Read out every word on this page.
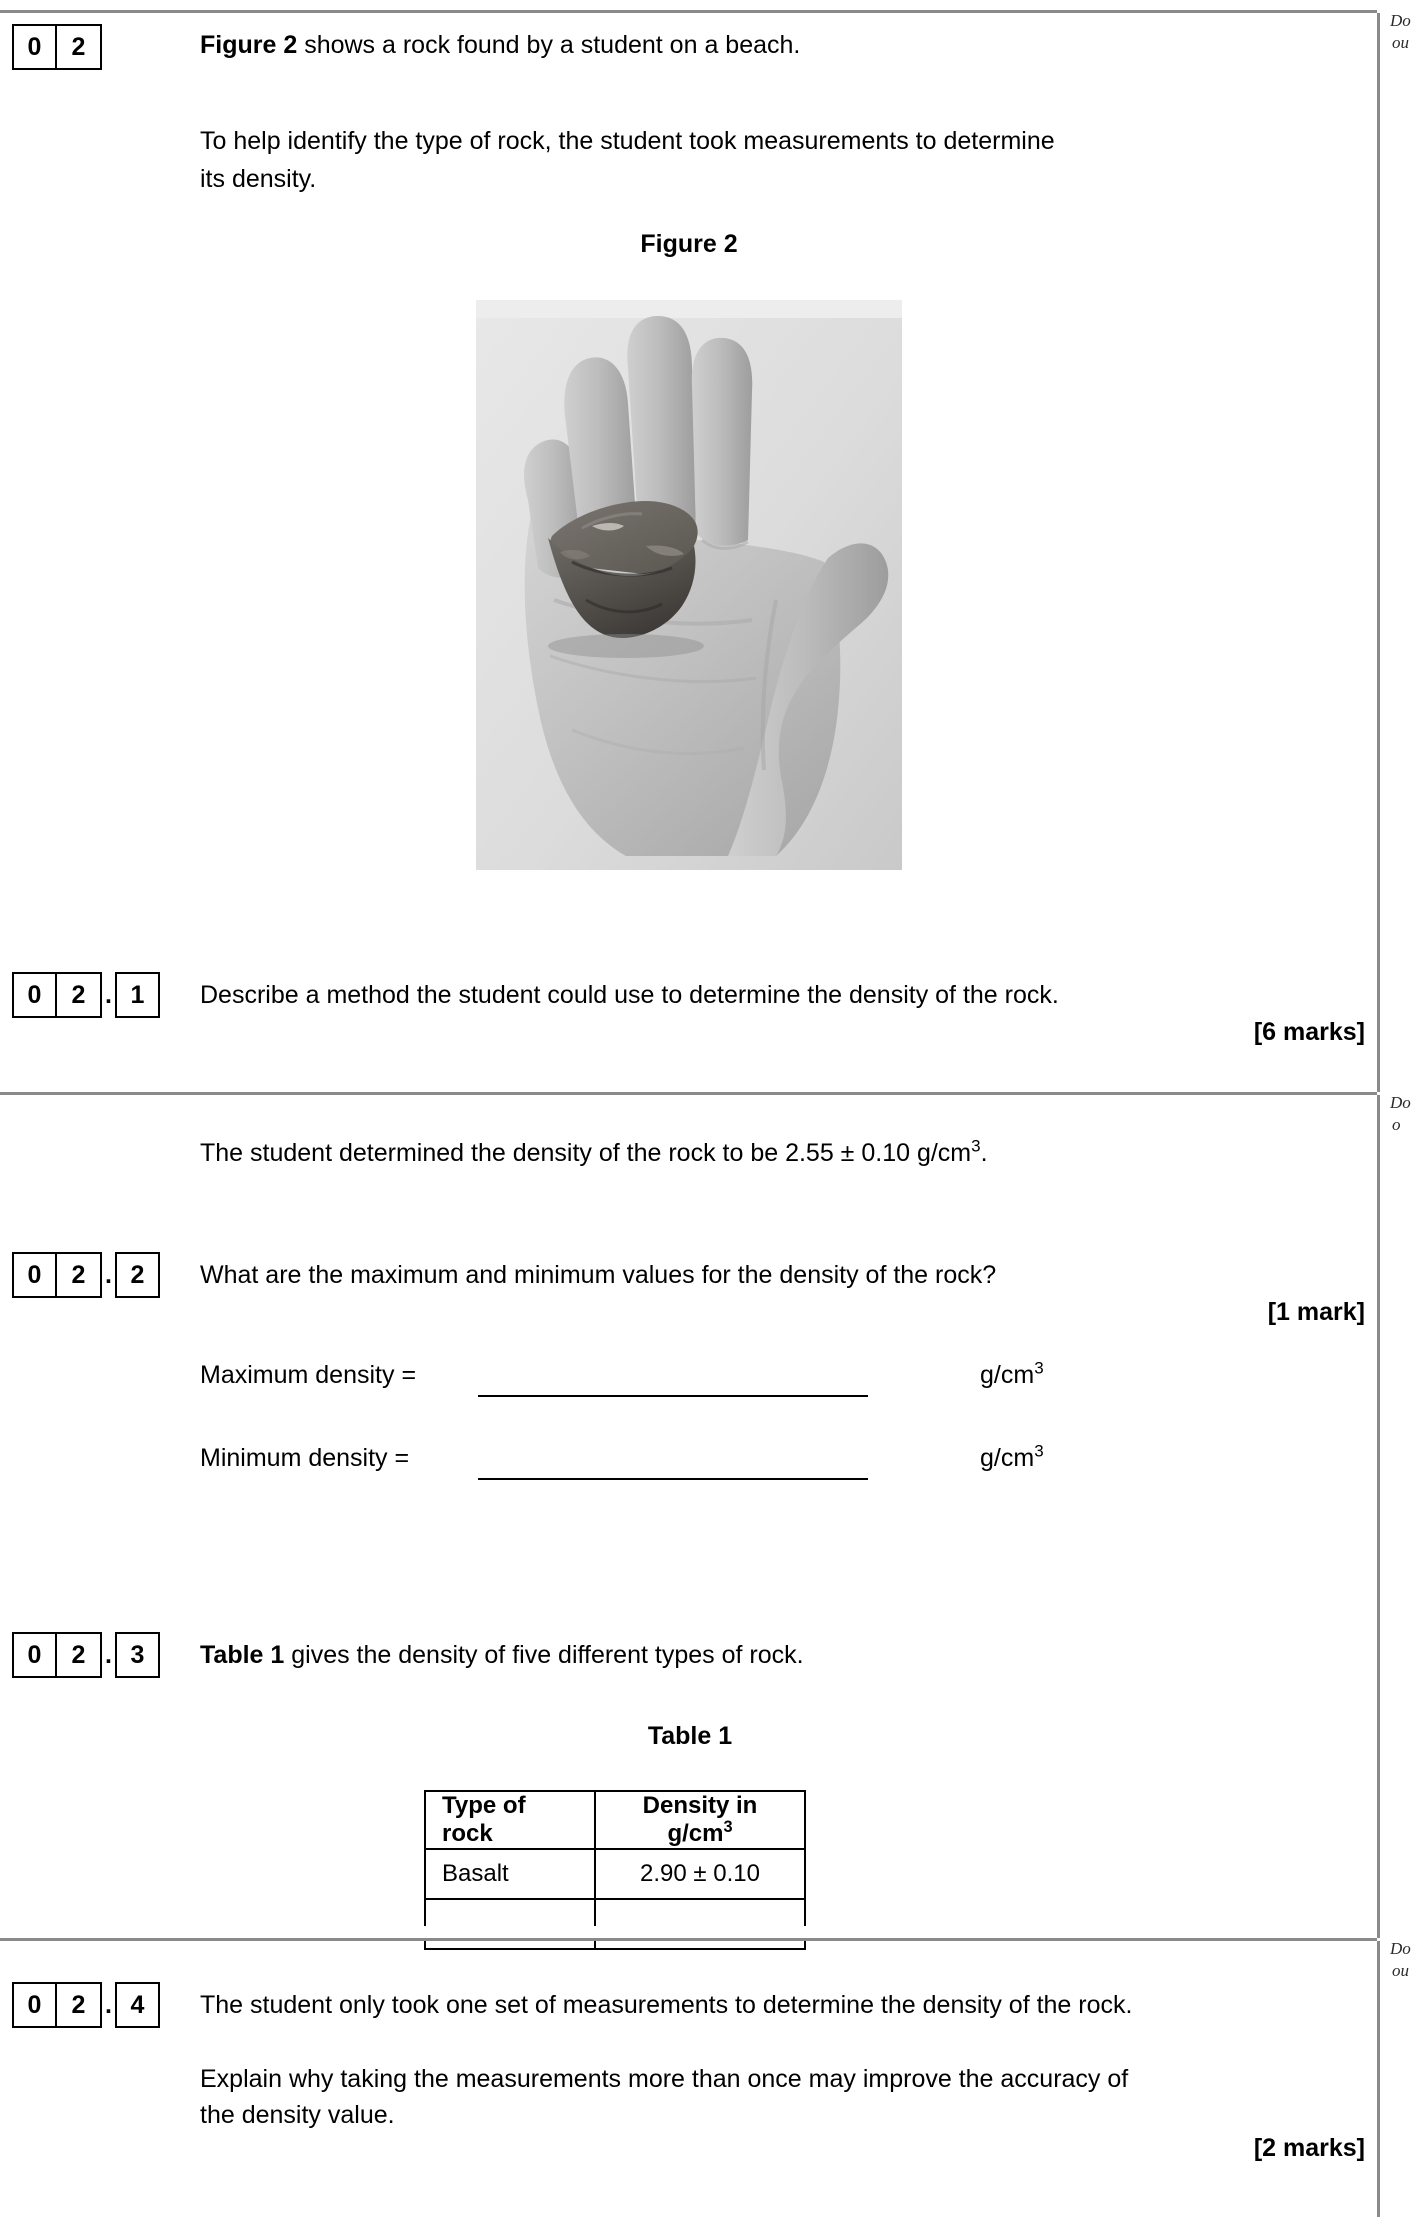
Do
ou
Do
o
Do
ou
0	2	Figure 2 shows a rock found by a student on a beach.
To help identify the type of rock, the student took measurements to determine
its density.
Figure 2
0	2 . 1	Describe a method the student could use to determine the density of the rock.
[6 marks]
The student determined the density of the rock to be 2.55 ± 0.10 $g/cm^3$.
0	2 . 2	What are the maximum and minimum values for the density of the rock?
[1 mark]
Maximum density =	$g/cm^3$
Minimum density =	$g/cm^3$
0	2 . 3	Table 1 gives the density of five different types of rock.
Table 1
Type of rock	Density in $g/cm^3$
Basalt	2.90 ± 0.10

0	2 . 4	The student only took one set of measurements to determine the density of the rock.
Explain why taking the measurements more than once may improve the accuracy of
the density value.
[2 marks]
